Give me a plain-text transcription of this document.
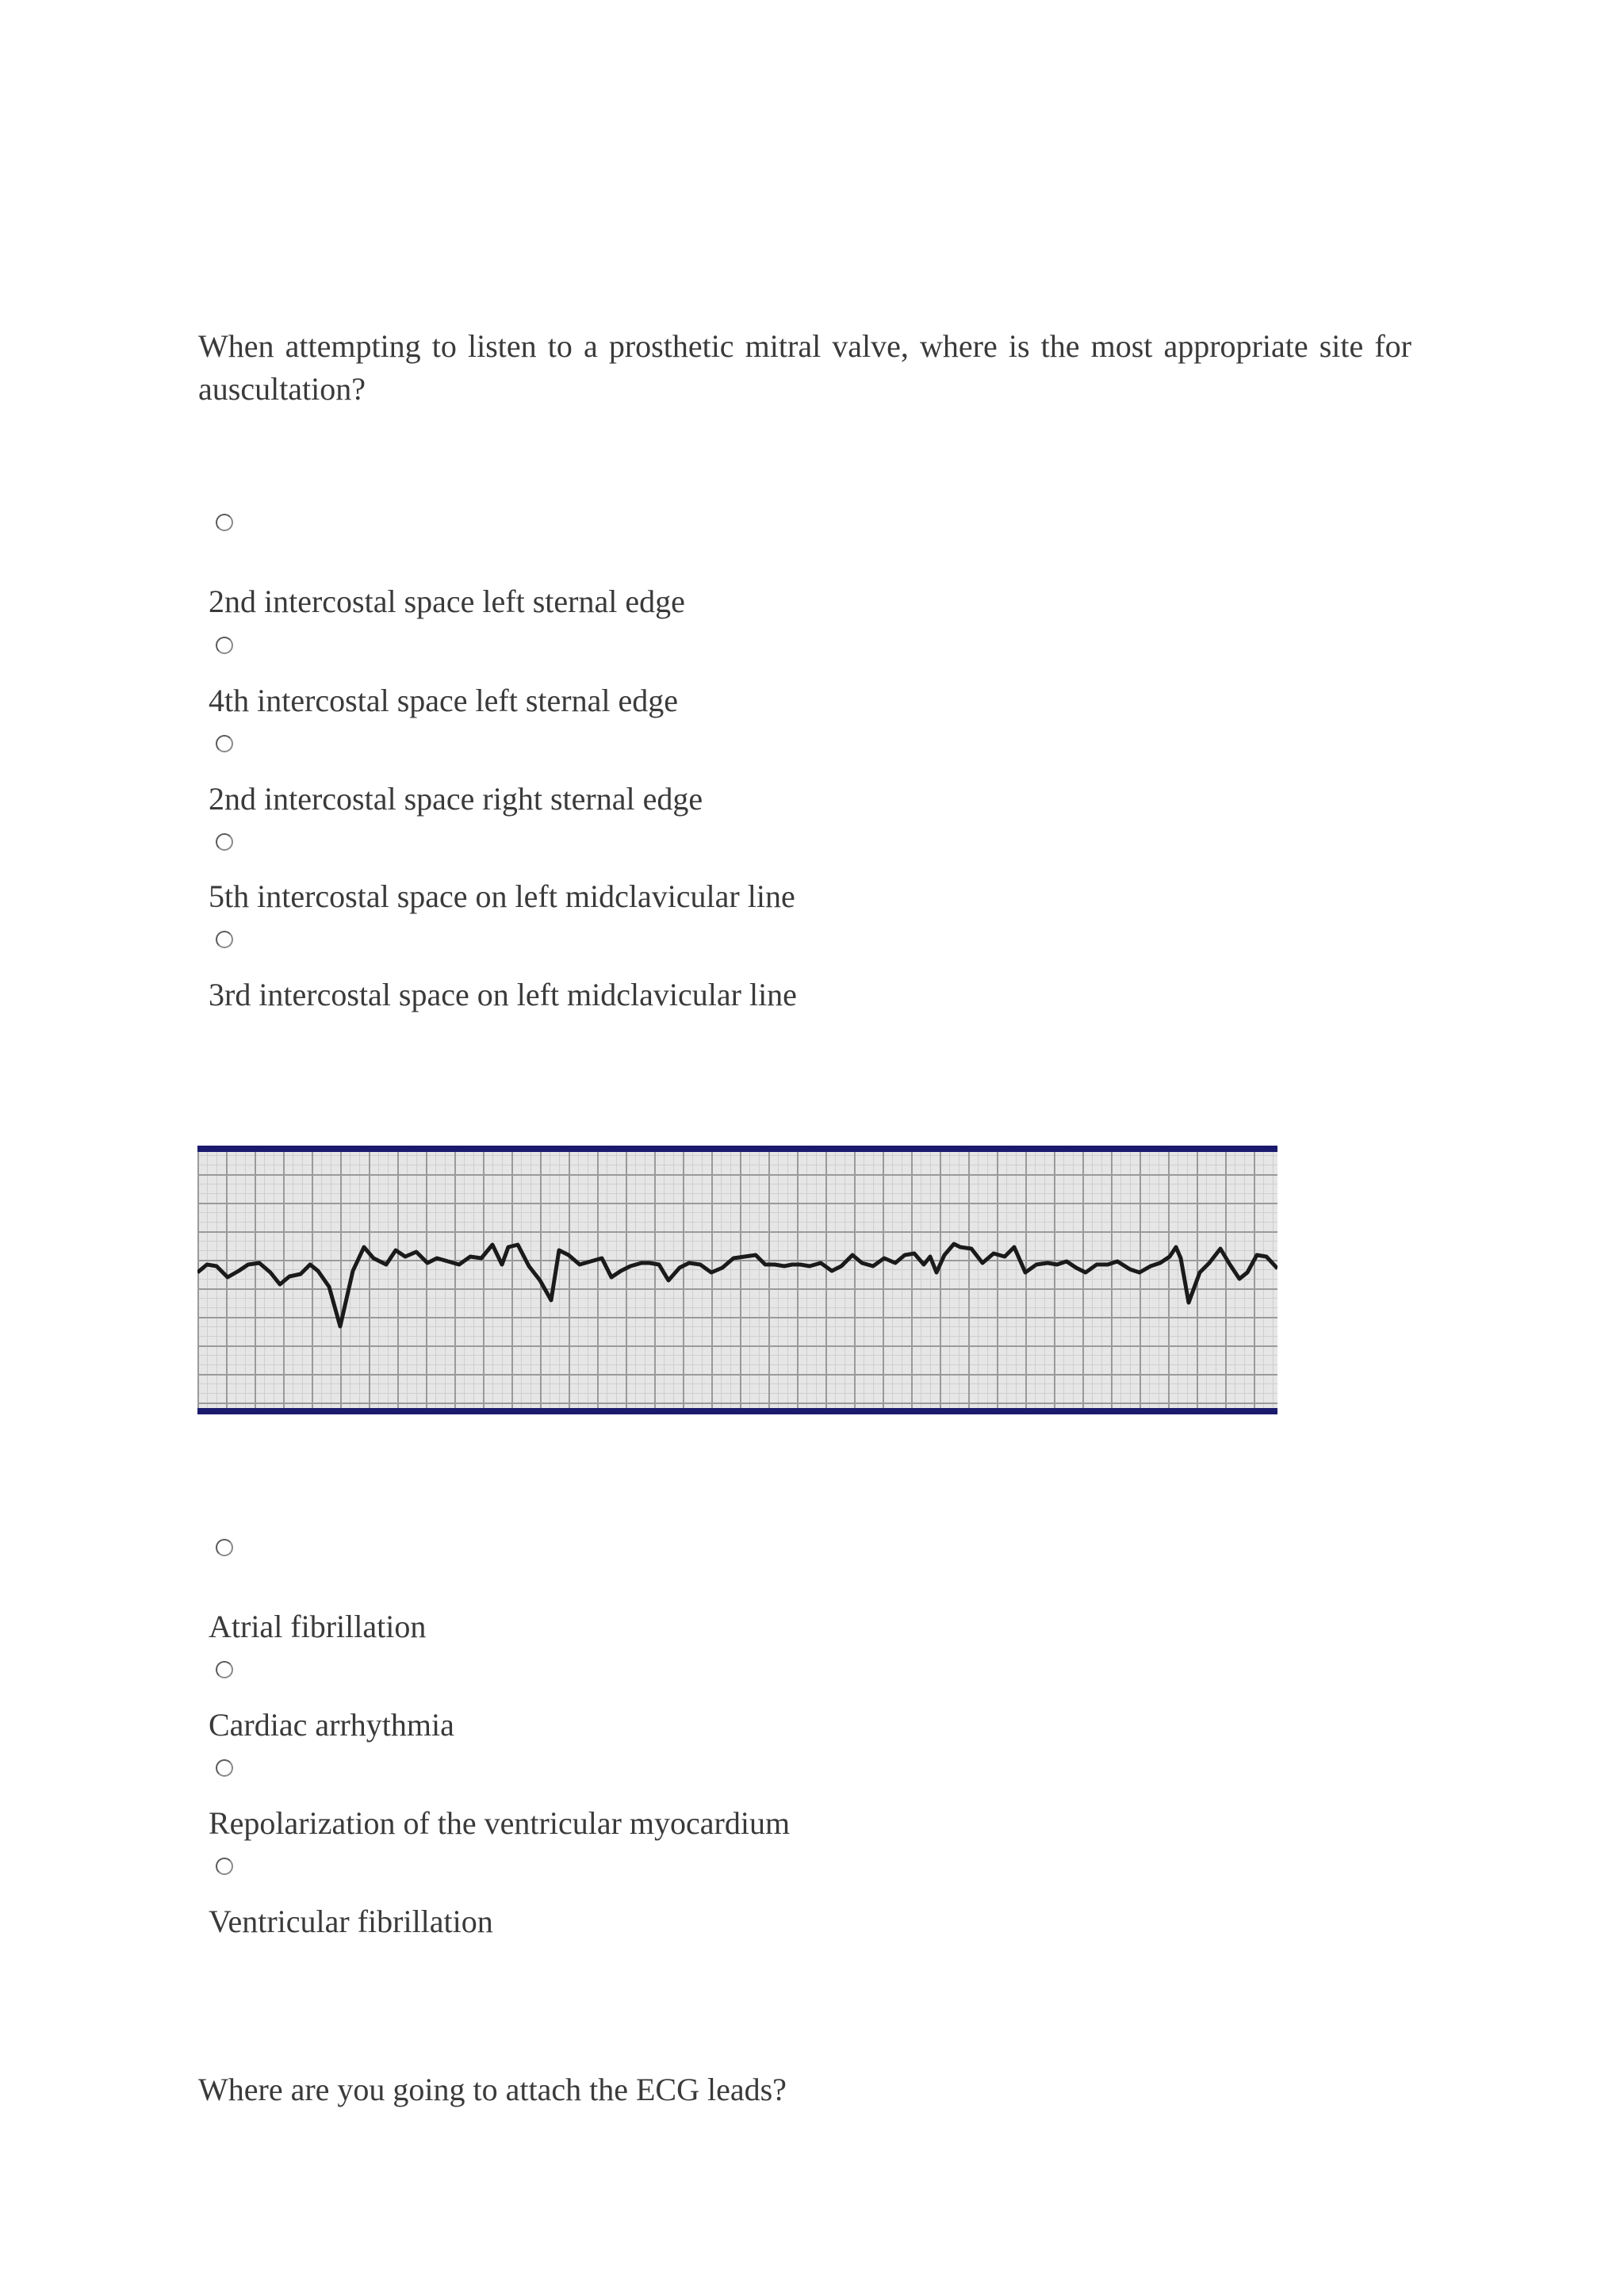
When attempting to listen to a prosthetic mitral valve, where is the most appropriate site for auscultation?
2nd intercostal space left sternal edge
4th intercostal space left sternal edge
2nd intercostal space right sternal edge
5th intercostal space on left midclavicular line
3rd intercostal space on left midclavicular line
Atrial fibrillation
Cardiac arrhythmia
Repolarization of the ventricular myocardium
Ventricular fibrillation
Where are you going to attach the ECG leads?
